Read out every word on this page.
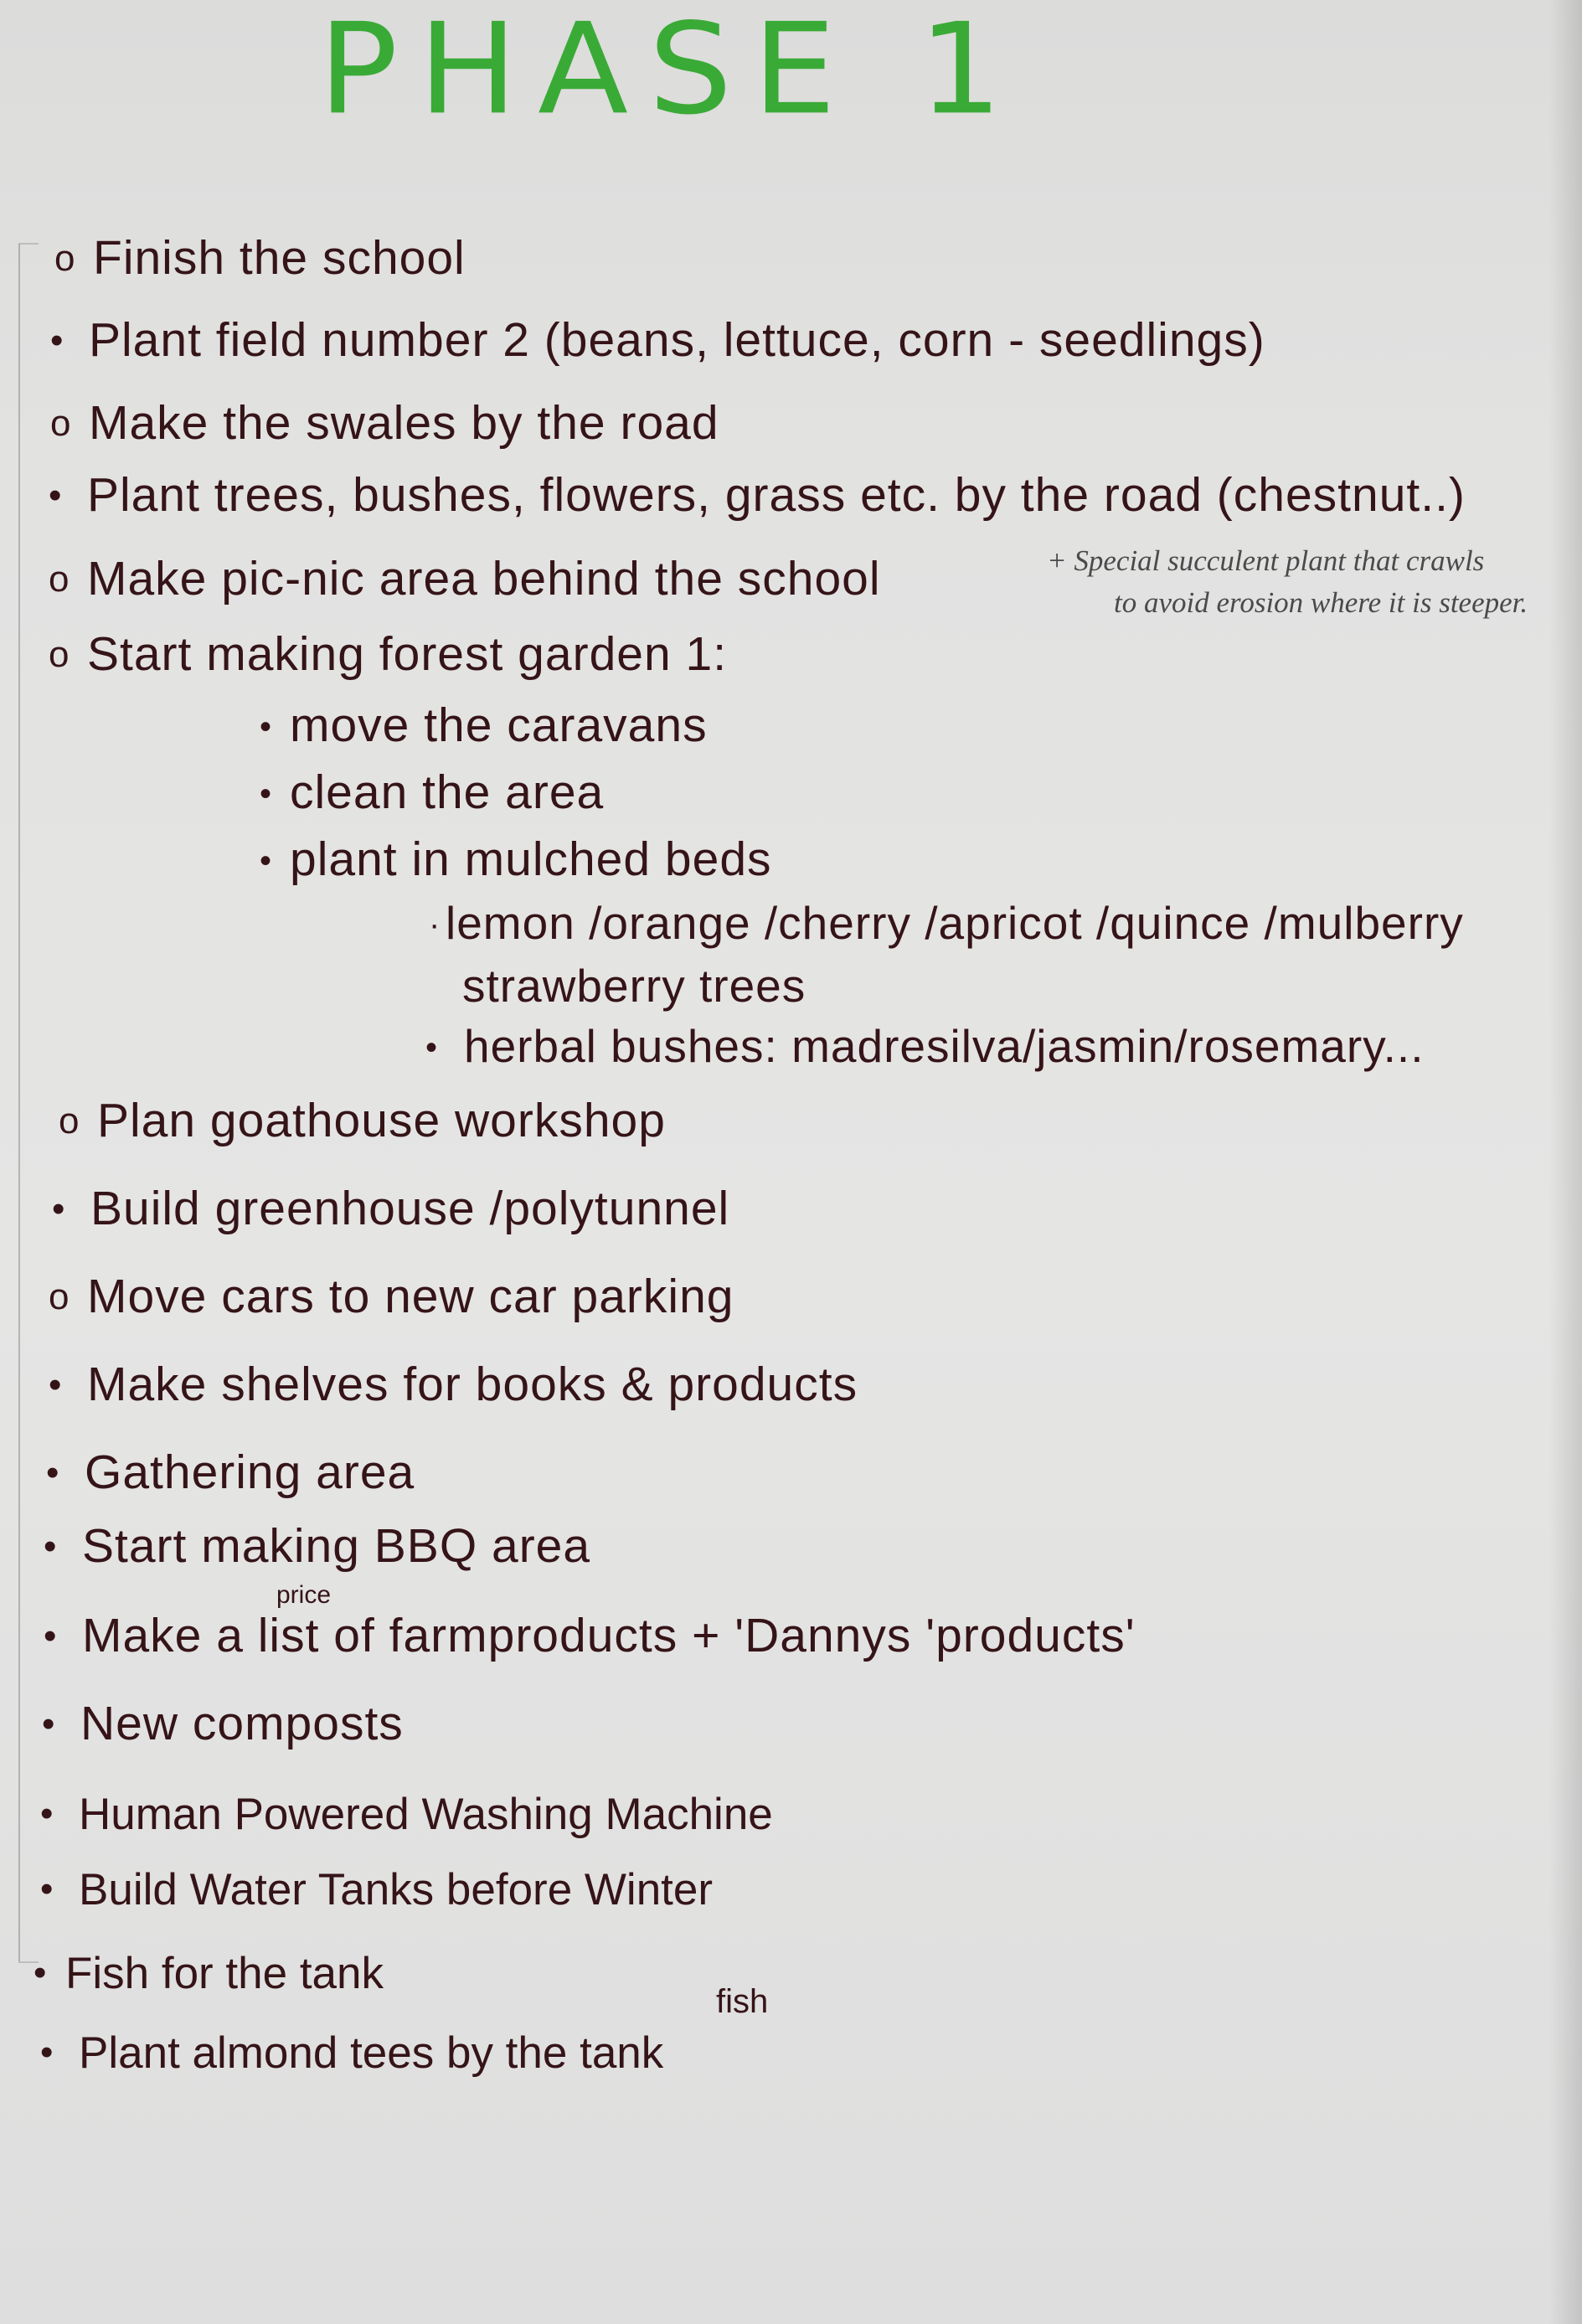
PHASE 1
o Finish the school
• Plant field number 2 (beans, lettuce, corn - seedlings)
o Make the swales by the road
• Plant trees, bushes, flowers, grass etc. by the road (chestnut..)
o Make pic-nic area behind the school
o Start making forest garden 1:
• move the caravans
• clean the area
• plant in mulched beds
· lemon /orange /cherry /apricot /quince /mulberry
strawberry trees
• herbal bushes: madresilva/jasmin/rosemary...
o Plan goathouse workshop
• Build greenhouse /polytunnel
o Move cars to new car parking
• Make shelves for books & products
• Gathering area
• Start making BBQ area
• Make a list of farmproducts + 'Dannys 'products'
• New composts
• Human Powered Washing Machine
• Build Water Tanks before Winter
• Fish for the tank
• Plant almond tees by the tank
+ Special succulent plant that crawls
to avoid erosion where it is steeper.
price
fish
